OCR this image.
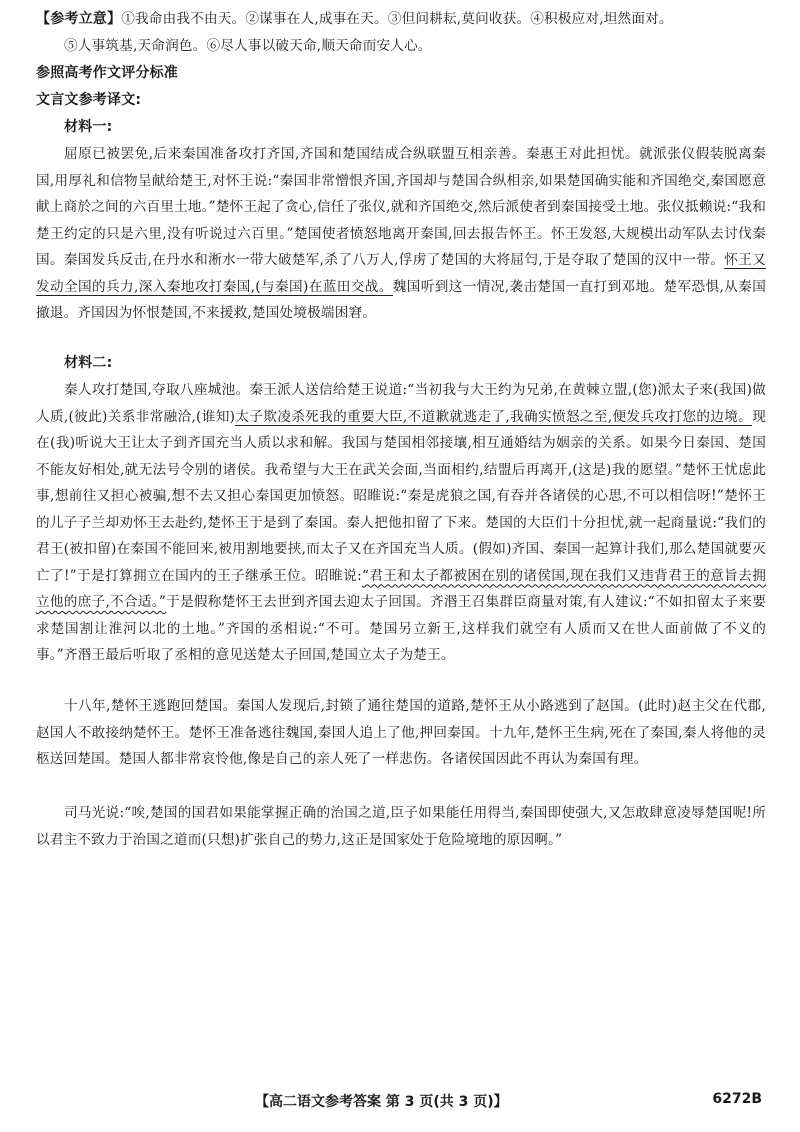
【参考立意】①我命由我不由天。②谋事在人,成事在天。③但问耕耘,莫问收获。④积极应对,坦然面对。
⑤人事筑基,天命润色。⑥尽人事以破天命,顺天命而安人心。
参照高考作文评分标准
文言文参考译文:
材料一:
屈原已被罢免,后来秦国准备攻打齐国,齐国和楚国结成合纵联盟互相亲善。秦惠王对此担忧。就派张仪假装脱离秦国,用厚礼和信物呈献给楚王,对怀王说:“秦国非常憎恨齐国,齐国却与楚国合纵相亲,如果楚国确实能和齐国绝交,秦国愿意献上商於之间的六百里土地。”楚怀王起了贪心,信任了张仪,就和齐国绝交,然后派使者到秦国接受土地。张仪抵赖说:“我和楚王约定的只是六里,没有听说过六百里。”楚国使者愤怒地离开秦国,回去报告怀王。怀王发怒,大规模出动军队去讨伐秦国。秦国发兵反击,在丹水和淅水一带大破楚军,杀了八万人,俘虏了楚国的大将屈匄,于是夺取了楚国的汉中一带。怀王又发动全国的兵力,深入秦地攻打秦国,(与秦国)在蓝田交战。魏国听到这一情况,袭击楚国一直打到邓地。楚军恐惧,从秦国撤退。齐国因为怀恨楚国,不来援救,楚国处境极端困窘。
材料二:
秦人攻打楚国,夺取八座城池。秦王派人送信给楚王说道:“当初我与大王约为兄弟,在黄棘立盟,(您)派太子来(我国)做人质,(彼此)关系非常融洽,(谁知)太子欺凌杀死我的重要大臣,不道歉就逃走了,我确实愤怒之至,便发兵攻打您的边境。现在(我)听说大王让太子到齐国充当人质以求和解。我国与楚国相邻接壤,相互通婚结为姻亲的关系。如果今日秦国、楚国不能友好相处,就无法号令别的诸侯。我希望与大王在武关会面,当面相约,结盟后再离开,(这是)我的愿望。”楚怀王忧虑此事,想前往又担心被骗,想不去又担心秦国更加愤怒。昭睢说:“秦是虎狼之国,有吞并各诸侯的心思,不可以相信呀!”楚怀王的儿子子兰却劝怀王去赴约,楚怀王于是到了秦国。秦人把他扣留了下来。楚国的大臣们十分担忧,就一起商量说:“我们的君王(被扣留)在秦国不能回来,被用割地要挟,而太子又在齐国充当人质。(假如)齐国、秦国一起算计我们,那么楚国就要灭亡了!”于是打算拥立在国内的王子继承王位。昭睢说:“君王和太子都被困在别的诸侯国,现在我们又违背君王的意旨去拥立他的庶子,不合适。”于是假称楚怀王去世到齐国去迎太子回国。齐湣王召集群臣商量对策,有人建议:“不如扣留太子来要求楚国割让淮河以北的土地。”齐国的丞相说:“不可。楚国另立新王,这样我们就空有人质而又在世人面前做了不义的事。”齐湣王最后听取了丞相的意见送楚太子回国,楚国立太子为楚王。
十八年,楚怀王逃跑回楚国。秦国人发现后,封锁了通往楚国的道路,楚怀王从小路逃到了赵国。(此时)赵主父在代郡,赵国人不敢接纳楚怀王。楚怀王准备逃往魏国,秦国人追上了他,押回秦国。十九年,楚怀王生病,死在了秦国,秦人将他的灵柩送回楚国。楚国人都非常哀怜他,像是自己的亲人死了一样悲伤。各诸侯国因此不再认为秦国有理。
司马光说:“唉,楚国的国君如果能掌握正确的治国之道,臣子如果能任用得当,秦国即使强大,又怎敢肆意凌辱楚国呢!所以君主不致力于治国之道而(只想)扩张自己的势力,这正是国家处于危险境地的原因啊。”
【高二语文参考答案 第 3 页(共 3 页)】	6272B
